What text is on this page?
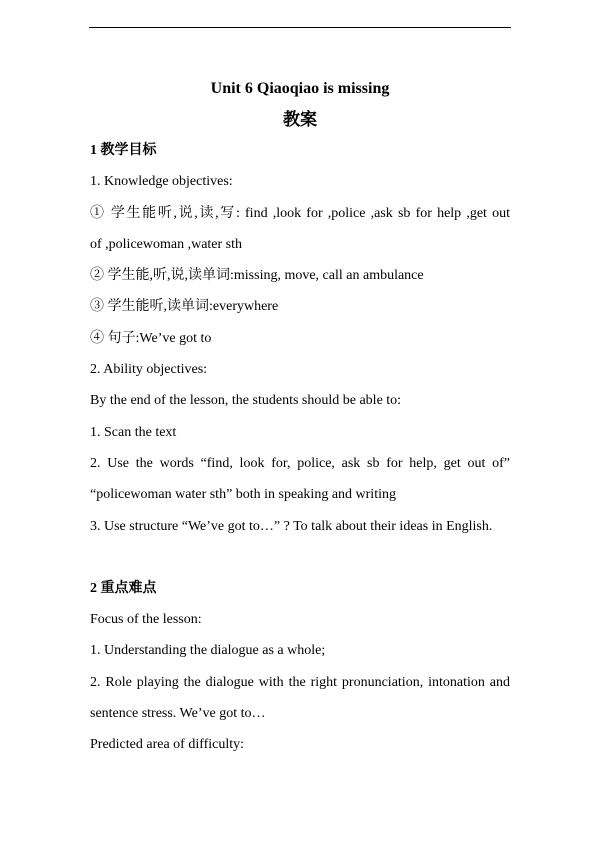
Unit 6 Qiaoqiao is missing
教案
1 教学目标
1. Knowledge objectives:
① 学生能听,说,读,写: find ,look for ,police ,ask sb for help ,get out
of ,policewoman ,water sth
② 学生能,听,说,读单词:missing, move, call an ambulance
③ 学生能听,读单词:everywhere
④ 句子:We’ve got to
2. Ability objectives:
By the end of the lesson, the students should be able to:
1. Scan the text
2. Use the words “find, look for, police, ask sb for help, get out of”
“policewoman water sth” both in speaking and writing
3. Use structure “We’ve got to…” ? To talk about their ideas in English.
2 重点难点
Focus of the lesson:
1. Understanding the dialogue as a whole;
2. Role playing the dialogue with the right pronunciation, intonation and
sentence stress. We’ve got to…
Predicted area of difficulty:
